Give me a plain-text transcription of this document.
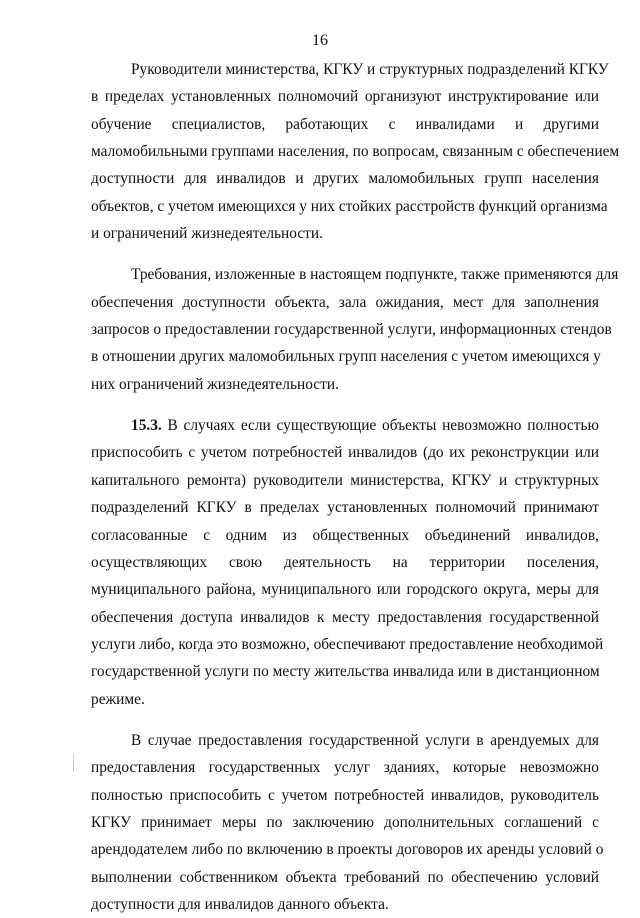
16
Руководители министерства, КГКУ и структурных подразделений КГКУ
в пределах установленных полномочий организуют инструктирование или
обучение специалистов, работающих с инвалидами и другими
маломобильными группами населения, по вопросам, связанным с обеспечением
доступности для инвалидов и других маломобильных групп населения
объектов, с учетом имеющихся у них стойких расстройств функций организма
и ограничений жизнедеятельности.
Требования, изложенные в настоящем подпункте, также применяются для
обеспечения доступности объекта, зала ожидания, мест для заполнения
запросов о предоставлении государственной услуги, информационных стендов
в отношении других маломобильных групп населения с учетом имеющихся у
них ограничений жизнедеятельности.
15.3. В случаях если существующие объекты невозможно полностью
приспособить с учетом потребностей инвалидов (до их реконструкции или
капитального ремонта) руководители министерства, КГКУ и структурных
подразделений КГКУ в пределах установленных полномочий принимают
согласованные с одним из общественных объединений инвалидов,
осуществляющих свою деятельность на территории поселения,
муниципального района, муниципального или городского округа, меры для
обеспечения доступа инвалидов к месту предоставления государственной
услуги либо, когда это возможно, обеспечивают предоставление необходимой
государственной услуги по месту жительства инвалида или в дистанционном
режиме.
В случае предоставления государственной услуги в арендуемых для
предоставления государственных услуг зданиях, которые невозможно
полностью приспособить с учетом потребностей инвалидов, руководитель
КГКУ принимает меры по заключению дополнительных соглашений с
арендодателем либо по включению в проекты договоров их аренды условий о
выполнении собственником объекта требований по обеспечению условий
доступности для инвалидов данного объекта.
